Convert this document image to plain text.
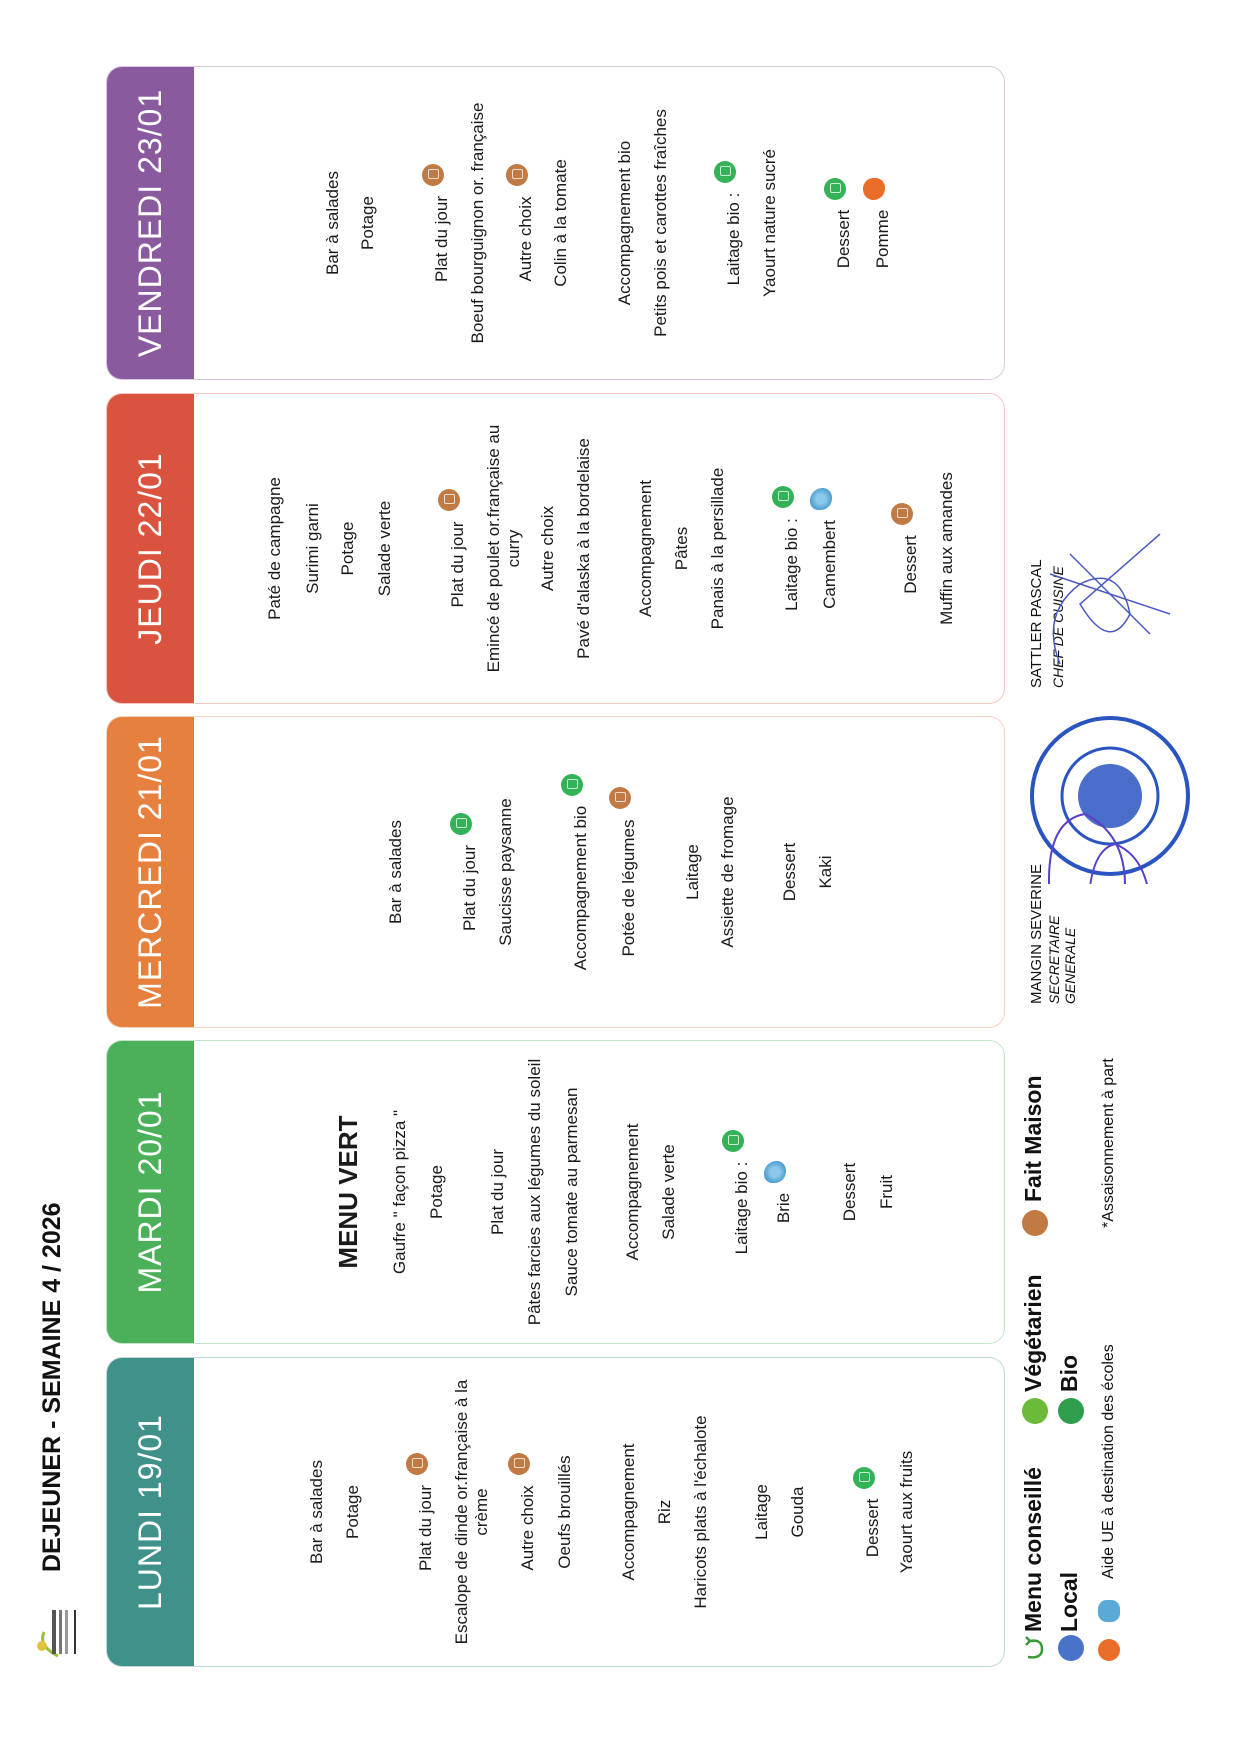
DEJEUNER - SEMAINE 4 / 2026	LUNDI 19/01	Bar à salades Potage	Plat du jour Escalope de dinde or.française à la crème Autre choix Oeufs brouillés	Accompagnement Riz Haricots plats à l'échalote Laitage Gouda	Dessert Yaourt aux fruits
MARDI 20/01	MENU VERT Gaufre " façon pizza " Potage Plat du jour Pâtes farcies aux légumes du soleil Sauce tomate au parmesan Accompagnement Salade verte	Laitage bio : Brie	Dessert Fruit
MERCREDI 21/01	Bar à salades	Plat du jour Saucisse paysanne	Accompagnement bio Potée de légumes	Laitage Assiette de fromage	Dessert Kaki
JEUDI 22/01	Paté de campagne Surimi garni Potage Salade verte	Plat du jour Emincé de poulet or.française au curry Autre choix Pavé d'alaska à la bordelaise	Accompagnement Pâtes Panais à la persillade	Laitage bio : Camembert	Dessert Muffin aux amandes
VENDREDI 23/01	Bar à salades Potage	Plat du jour Boeuf bourguignon or. française Autre choix Colin à la tomate	Accompagnement bio Petits pois et carottes fraîches	Laitage bio : Yaourt nature sucré	Dessert Pomme
Menu conseillé
Végétarien
Fait Maison
Local
Bio Aide UE à destination des écoles
*Assaisonnement à part
MANGIN SEVERINE SECRETAIRE GENERALE
SATTLER PASCAL CHEF DE CUISINE
